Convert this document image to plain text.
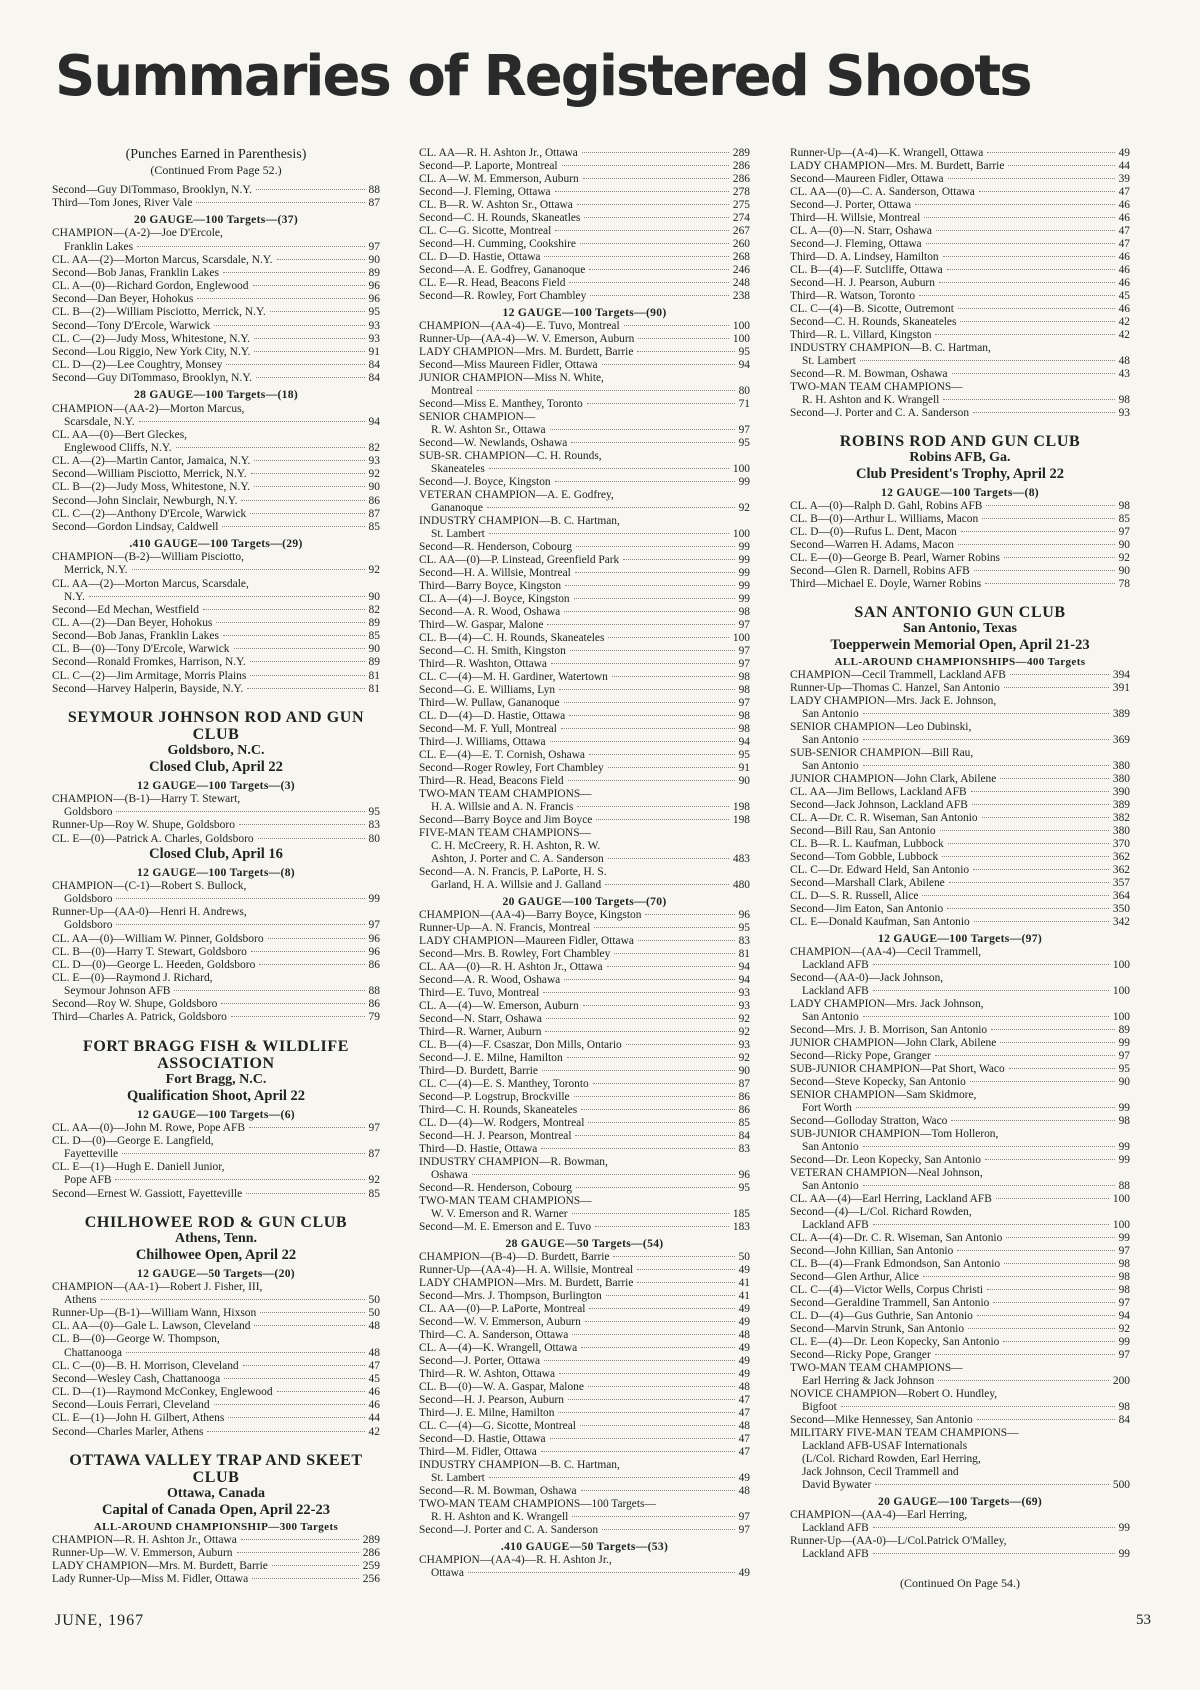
Summaries of Registered Shoots
(Punches Earned in Parenthesis)
(Continued From Page 52.)
Second—Guy DiTommaso, Brooklyn, N.Y.	88
Third—Tom Jones, River Vale	87
20 GAUGE—100 Targets—(37)
CHAMPION—(A-2)—Joe D'Ercole,
Franklin Lakes	97
CL. AA—(2)—Morton Marcus, Scarsdale, N.Y.	90
Second—Bob Janas, Franklin Lakes	89
CL. A—(0)—Richard Gordon, Englewood	96
Second—Dan Beyer, Hohokus	96
CL. B—(2)—William Pisciotto, Merrick, N.Y.	95
Second—Tony D'Ercole, Warwick	93
CL. C—(2)—Judy Moss, Whitestone, N.Y.	93
Second—Lou Riggio, New York City, N.Y.	91
CL. D—(2)—Lee Coughtry, Monsey	84
Second—Guy DiTommaso, Brooklyn, N.Y.	84
28 GAUGE—100 Targets—(18)
CHAMPION—(AA-2)—Morton Marcus,
Scarsdale, N.Y.	94
CL. AA—(0)—Bert Gleckes,
Englewood Cliffs, N.Y.	82
CL. A—(2)—Martin Cantor, Jamaica, N.Y.	93
Second—William Pisciotto, Merrick, N.Y.	92
CL. B—(2)—Judy Moss, Whitestone, N.Y.	90
Second—John Sinclair, Newburgh, N.Y.	86
CL. C—(2)—Anthony D'Ercole, Warwick	87
Second—Gordon Lindsay, Caldwell	85
.410 GAUGE—100 Targets—(29)
CHAMPION—(B-2)—William Pisciotto,
Merrick, N.Y.	92
CL. AA—(2)—Morton Marcus, Scarsdale,
N.Y.	90
Second—Ed Mechan, Westfield	82
CL. A—(2)—Dan Beyer, Hohokus	89
Second—Bob Janas, Franklin Lakes	85
CL. B—(0)—Tony D'Ercole, Warwick	90
Second—Ronald Fromkes, Harrison, N.Y.	89
CL. C—(2)—Jim Armitage, Morris Plains	81
Second—Harvey Halperin, Bayside, N.Y.	81
SEYMOUR JOHNSON ROD AND GUN CLUB
Goldsboro, N.C.
Closed Club, April 22
12 GAUGE—100 Targets—(3)
CHAMPION—(B-1)—Harry T. Stewart,
Goldsboro	95
Runner-Up—Roy W. Shupe, Goldsboro	83
CL. E—(0)—Patrick A. Charles, Goldsboro	80
Closed Club, April 16
12 GAUGE—100 Targets—(8)
CHAMPION—(C-1)—Robert S. Bullock,
Goldsboro	99
Runner-Up—(AA-0)—Henri H. Andrews,
Goldsboro	97
CL. AA—(0)—William W. Pinner, Goldsboro	96
CL. B—(0)—Harry T. Stewart, Goldsboro	96
CL. D—(0)—George L. Heeden, Goldsboro	86
CL. E—(0)—Raymond J. Richard,
Seymour Johnson AFB	88
Second—Roy W. Shupe, Goldsboro	86
Third—Charles A. Patrick, Goldsboro	79
FORT BRAGG FISH & WILDLIFE ASSOCIATION
Fort Bragg, N.C.
Qualification Shoot, April 22
12 GAUGE—100 Targets—(6)
CL. AA—(0)—John M. Rowe, Pope AFB	97
CL. D—(0)—George E. Langfield,
Fayetteville	87
CL. E—(1)—Hugh E. Daniell Junior,
Pope AFB	92
Second—Ernest W. Gassiott, Fayetteville	85
CHILHOWEE ROD & GUN CLUB
Athens, Tenn.
Chilhowee Open, April 22
12 GAUGE—50 Targets—(20)
CHAMPION—(AA-1)—Robert J. Fisher, III,
Athens	50
Runner-Up—(B-1)—William Wann, Hixson	50
CL. AA—(0)—Gale L. Lawson, Cleveland	48
CL. B—(0)—George W. Thompson,
Chattanooga	48
CL. C—(0)—B. H. Morrison, Cleveland	47
Second—Wesley Cash, Chattanooga	45
CL. D—(1)—Raymond McConkey, Englewood	46
Second—Louis Ferrari, Cleveland	46
CL. E—(1)—John H. Gilbert, Athens	44
Second—Charles Marler, Athens	42
OTTAWA VALLEY TRAP AND SKEET CLUB
Ottawa, Canada
Capital of Canada Open, April 22-23
ALL-AROUND CHAMPIONSHIP—300 Targets
CHAMPION—R. H. Ashton Jr., Ottawa	289
Runner-Up—W. V. Emmerson, Auburn	286
LADY CHAMPION—Mrs. M. Burdett, Barrie	259
Lady Runner-Up—Miss M. Fidler, Ottawa	256
CL. AA—R. H. Ashton Jr., Ottawa	289
Second—P. Laporte, Montreal	286
CL. A—W. M. Emmerson, Auburn	286
Second—J. Fleming, Ottawa	278
CL. B—R. W. Ashton Sr., Ottawa	275
Second—C. H. Rounds, Skaneatles	274
CL. C—G. Sicotte, Montreal	267
Second—H. Cumming, Cookshire	260
CL. D—D. Hastie, Ottawa	268
Second—A. E. Godfrey, Gananoque	246
CL. E—R. Head, Beacons Field	248
Second—R. Rowley, Fort Chambley	238
12 GAUGE—100 Targets—(90)
CHAMPION—(AA-4)—E. Tuvo, Montreal	100
Runner-Up—(AA-4)—W. V. Emerson, Auburn	100
LADY CHAMPION—Mrs. M. Burdett, Barrie	95
Second—Miss Maureen Fidler, Ottawa	94
JUNIOR CHAMPION—Miss N. White,
Montreal	80
Second—Miss E. Manthey, Toronto	71
SENIOR CHAMPION—
R. W. Ashton Sr., Ottawa	97
Second—W. Newlands, Oshawa	95
SUB-SR. CHAMPION—C. H. Rounds,
Skaneateles	100
Second—J. Boyce, Kingston	99
VETERAN CHAMPION—A. E. Godfrey,
Gananoque	92
INDUSTRY CHAMPION—B. C. Hartman,
St. Lambert	100
Second—R. Henderson, Cobourg	99
CL. AA—(0)—P. Linstead, Greenfield Park	99
Second—H. A. Willsie, Montreal	99
Third—Barry Boyce, Kingston	99
CL. A—(4)—J. Boyce, Kingston	99
Second—A. R. Wood, Oshawa	98
Third—W. Gaspar, Malone	97
CL. B—(4)—C. H. Rounds, Skaneateles	100
Second—C. H. Smith, Kingston	97
Third—R. Washton, Ottawa	97
CL. C—(4)—M. H. Gardiner, Watertown	98
Second—G. E. Williams, Lyn	98
Third—W. Pullaw, Gananoque	97
CL. D—(4)—D. Hastie, Ottawa	98
Second—M. F. Yull, Montreal	98
Third—J. Williams, Ottawa	94
CL. E—(4)—E. T. Cornish, Oshawa	95
Second—Roger Rowley, Fort Chambley	91
Third—R. Head, Beacons Field	90
TWO-MAN TEAM CHAMPIONS—
H. A. Willsie and A. N. Francis	198
Second—Barry Boyce and Jim Boyce	198
FIVE-MAN TEAM CHAMPIONS—
C. H. McCreery, R. H. Ashton, R. W.
Ashton, J. Porter and C. A. Sanderson	483
Second—A. N. Francis, P. LaPorte, H. S.
Garland, H. A. Willsie and J. Galland	480
20 GAUGE—100 Targets—(70)
CHAMPION—(AA-4)—Barry Boyce, Kingston	96
Runner-Up—A. N. Francis, Montreal	95
LADY CHAMPION—Maureen Fidler, Ottawa	83
Second—Mrs. B. Rowley, Fort Chambley	81
CL. AA—(0)—R. H. Ashton Jr., Ottawa	94
Second—A. R. Wood, Oshawa	94
Third—E. Tuvo, Montreal	93
CL. A—(4)—W. Emerson, Auburn	93
Second—N. Starr, Oshawa	92
Third—R. Warner, Auburn	92
CL. B—(4)—F. Csaszar, Don Mills, Ontario	93
Second—J. E. Milne, Hamilton	92
Third—D. Burdett, Barrie	90
CL. C—(4)—E. S. Manthey, Toronto	87
Second—P. Logstrup, Brockville	86
Third—C. H. Rounds, Skaneateles	86
CL. D—(4)—W. Rodgers, Montreal	85
Second—H. J. Pearson, Montreal	84
Third—D. Hastie, Ottawa	83
INDUSTRY CHAMPION—R. Bowman,
Oshawa	96
Second—R. Henderson, Cobourg	95
TWO-MAN TEAM CHAMPIONS—
W. V. Emerson and R. Warner	185
Second—M. E. Emerson and E. Tuvo	183
28 GAUGE—50 Targets—(54)
CHAMPION—(B-4)—D. Burdett, Barrie	50
Runner-Up—(AA-4)—H. A. Willsie, Montreal	49
LADY CHAMPION—Mrs. M. Burdett, Barrie	41
Second—Mrs. J. Thompson, Burlington	41
CL. AA—(0)—P. LaPorte, Montreal	49
Second—W. V. Emmerson, Auburn	49
Third—C. A. Sanderson, Ottawa	48
CL. A—(4)—K. Wrangell, Ottawa	49
Second—J. Porter, Ottawa	49
Third—R. W. Ashton, Ottawa	49
CL. B—(0)—W. A. Gaspar, Malone	48
Second—H. J. Pearson, Auburn	47
Third—J. E. Milne, Hamilton	47
CL. C—(4)—G. Sicotte, Montreal	48
Second—D. Hastie, Ottawa	47
Third—M. Fidler, Ottawa	47
INDUSTRY CHAMPION—B. C. Hartman,
St. Lambert	49
Second—R. M. Bowman, Oshawa	48
TWO-MAN TEAM CHAMPIONS—100 Targets—
R. H. Ashton and K. Wrangell	97
Second—J. Porter and C. A. Sanderson	97
.410 GAUGE—50 Targets—(53)
CHAMPION—(AA-4)—R. H. Ashton Jr.,
Ottawa	49
Runner-Up—(A-4)—K. Wrangell, Ottawa	49
LADY CHAMPION—Mrs. M. Burdett, Barrie	44
Second—Maureen Fidler, Ottawa	39
CL. AA—(0)—C. A. Sanderson, Ottawa	47
Second—J. Porter, Ottawa	46
Third—H. Willsie, Montreal	46
CL. A—(0)—N. Starr, Oshawa	47
Second—J. Fleming, Ottawa	47
Third—D. A. Lindsey, Hamilton	46
CL. B—(4)—F. Sutcliffe, Ottawa	46
Second—H. J. Pearson, Auburn	46
Third—R. Watson, Toronto	45
CL. C—(4)—B. Sicotte, Outremont	46
Second—C. H. Rounds, Skaneateles	42
Third—R. L. Villard, Kingston	42
INDUSTRY CHAMPION—B. C. Hartman,
St. Lambert	48
Second—R. M. Bowman, Oshawa	43
TWO-MAN TEAM CHAMPIONS—
R. H. Ashton and K. Wrangell	98
Second—J. Porter and C. A. Sanderson	93
ROBINS ROD AND GUN CLUB
Robins AFB, Ga.
Club President's Trophy, April 22
12 GAUGE—100 Targets—(8)
CL. A—(0)—Ralph D. Gahl, Robins AFB	98
CL. B—(0)—Arthur L. Williams, Macon	85
CL. D—(0)—Rufus L. Dent, Macon	97
Second—Warren H. Adams, Macon	90
CL. E—(0)—George B. Pearl, Warner Robins	92
Second—Glen R. Darnell, Robins AFB	90
Third—Michael E. Doyle, Warner Robins	78
SAN ANTONIO GUN CLUB
San Antonio, Texas
Toepperwein Memorial Open, April 21-23
ALL-AROUND CHAMPIONSHIPS—400 Targets
CHAMPION—Cecil Trammell, Lackland AFB	394
Runner-Up—Thomas C. Hanzel, San Antonio	391
LADY CHAMPION—Mrs. Jack E. Johnson,
San Antonio	389
SENIOR CHAMPION—Leo Dubinski,
San Antonio	369
SUB-SENIOR CHAMPION—Bill Rau,
San Antonio	380
JUNIOR CHAMPION—John Clark, Abilene	380
CL. AA—Jim Bellows, Lackland AFB	390
Second—Jack Johnson, Lackland AFB	389
CL. A—Dr. C. R. Wiseman, San Antonio	382
Second—Bill Rau, San Antonio	380
CL. B—R. L. Kaufman, Lubbock	370
Second—Tom Gobble, Lubbock	362
CL. C—Dr. Edward Held, San Antonio	362
Second—Marshall Clark, Abilene	357
CL. D—S. R. Russell, Alice	364
Second—Jim Eaton, San Antonio	350
CL. E—Donald Kaufman, San Antonio	342
12 GAUGE—100 Targets—(97)
CHAMPION—(AA-4)—Cecil Trammell,
Lackland AFB	100
Second—(AA-0)—Jack Johnson,
Lackland AFB	100
LADY CHAMPION—Mrs. Jack Johnson,
San Antonio	100
Second—Mrs. J. B. Morrison, San Antonio	89
JUNIOR CHAMPION—John Clark, Abilene	99
Second—Ricky Pope, Granger	97
SUB-JUNIOR CHAMPION—Pat Short, Waco	95
Second—Steve Kopecky, San Antonio	90
SENIOR CHAMPION—Sam Skidmore,
Fort Worth	99
Second—Golloday Stratton, Waco	98
SUB-JUNIOR CHAMPION—Tom Holleron,
San Antonio	99
Second—Dr. Leon Kopecky, San Antonio	99
VETERAN CHAMPION—Neal Johnson,
San Antonio	88
CL. AA—(4)—Earl Herring, Lackland AFB	100
Second—(4)—L/Col. Richard Rowden,
Lackland AFB	100
CL. A—(4)—Dr. C. R. Wiseman, San Antonio	99
Second—John Killian, San Antonio	97
CL. B—(4)—Frank Edmondson, San Antonio	98
Second—Glen Arthur, Alice	98
CL. C—(4)—Victor Wells, Corpus Christi	98
Second—Geraldine Trammell, San Antonio	97
CL. D—(4)—Gus Guthrie, San Antonio	94
Second—Marvin Strunk, San Antonio	92
CL. E—(4)—Dr. Leon Kopecky, San Antonio	99
Second—Ricky Pope, Granger	97
TWO-MAN TEAM CHAMPIONS—
Earl Herring & Jack Johnson	200
NOVICE CHAMPION—Robert O. Hundley,
Bigfoot	98
Second—Mike Hennessey, San Antonio	84
MILITARY FIVE-MAN TEAM CHAMPIONS—
Lackland AFB-USAF Internationals
(L/Col. Richard Rowden, Earl Herring,
Jack Johnson, Cecil Trammell and
David Bywater	500
20 GAUGE—100 Targets—(69)
CHAMPION—(AA-4)—Earl Herring,
Lackland AFB	99
Runner-Up—(AA-0)—L/Col.Patrick O'Malley,
Lackland AFB	99
(Continued On Page 54.)
JUNE, 1967	53
